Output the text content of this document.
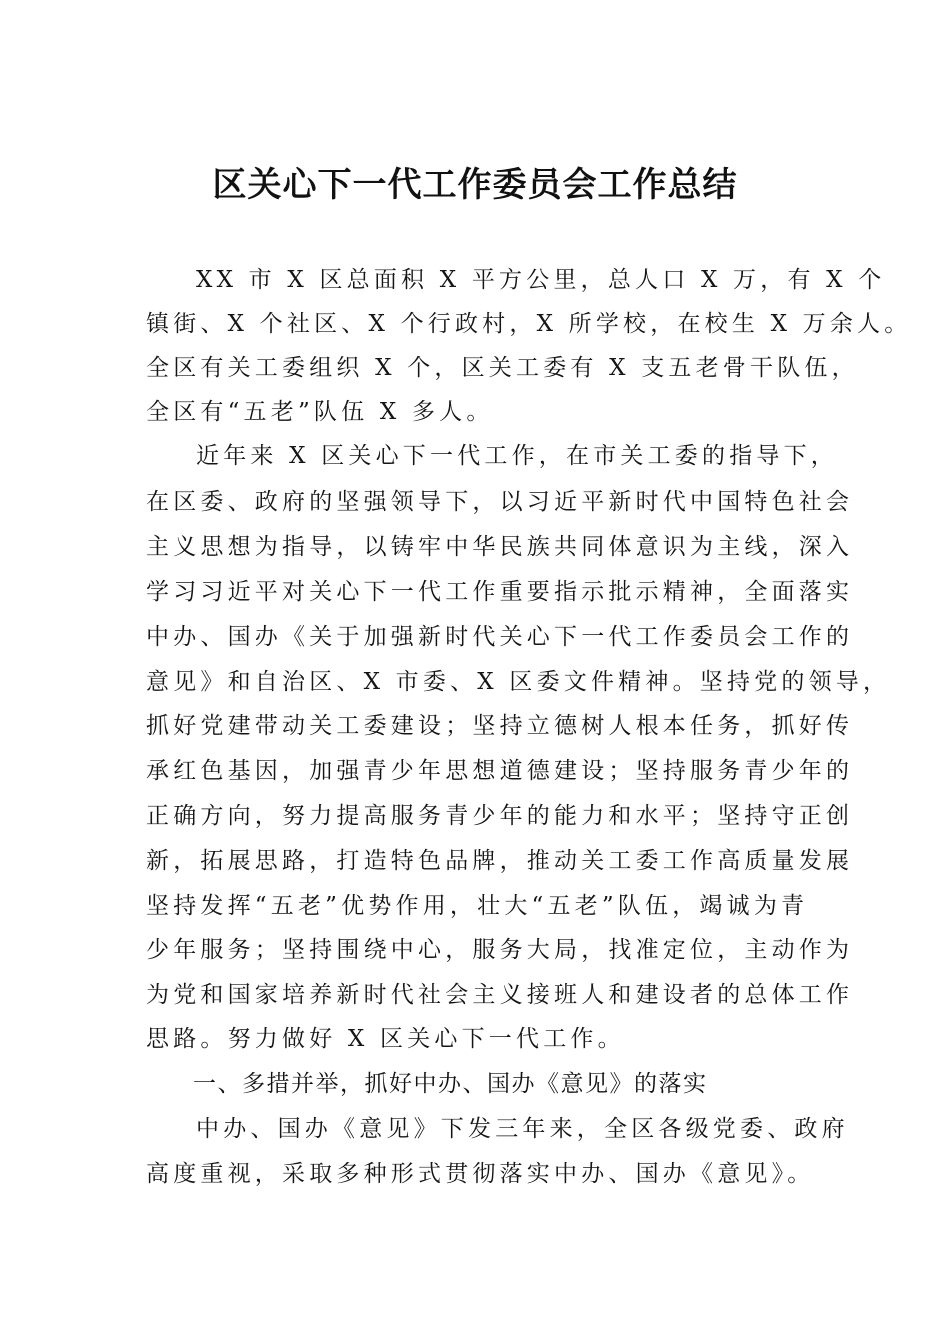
区关心下一代工作委员会工作总结
XX 市 X 区总面积 X 平方公里，总人口 X 万，有 X 个
镇街、X 个社区、X 个行政村，X 所学校，在校生 X 万余人。
全区有关工委组织 X 个，区关工委有 X 支五老骨干队伍，
全区有“五老”队伍 X 多人。
近年来 X 区关心下一代工作，在市关工委的指导下，
在区委、政府的坚强领导下，以习近平新时代中国特色社会
主义思想为指导，以铸牢中华民族共同体意识为主线，深入
学习习近平对关心下一代工作重要指示批示精神，全面落实
中办、国办《关于加强新时代关心下一代工作委员会工作的
意见》和自治区、X 市委、X 区委文件精神。坚持党的领导，
抓好党建带动关工委建设；坚持立德树人根本任务，抓好传
承红色基因，加强青少年思想道德建设；坚持服务青少年的
正确方向，努力提高服务青少年的能力和水平；坚持守正创
新，拓展思路，打造特色品牌，推动关工委工作高质量发展
坚持发挥“五老”优势作用，壮大“五老”队伍，竭诚为青
少年服务；坚持围绕中心，服务大局，找准定位，主动作为
为党和国家培养新时代社会主义接班人和建设者的总体工作
思路。努力做好 X 区关心下一代工作。
一、多措并举，抓好中办、国办《意见》的落实
中办、国办《意见》下发三年来，全区各级党委、政府
高度重视，采取多种形式贯彻落实中办、国办《意见》。
